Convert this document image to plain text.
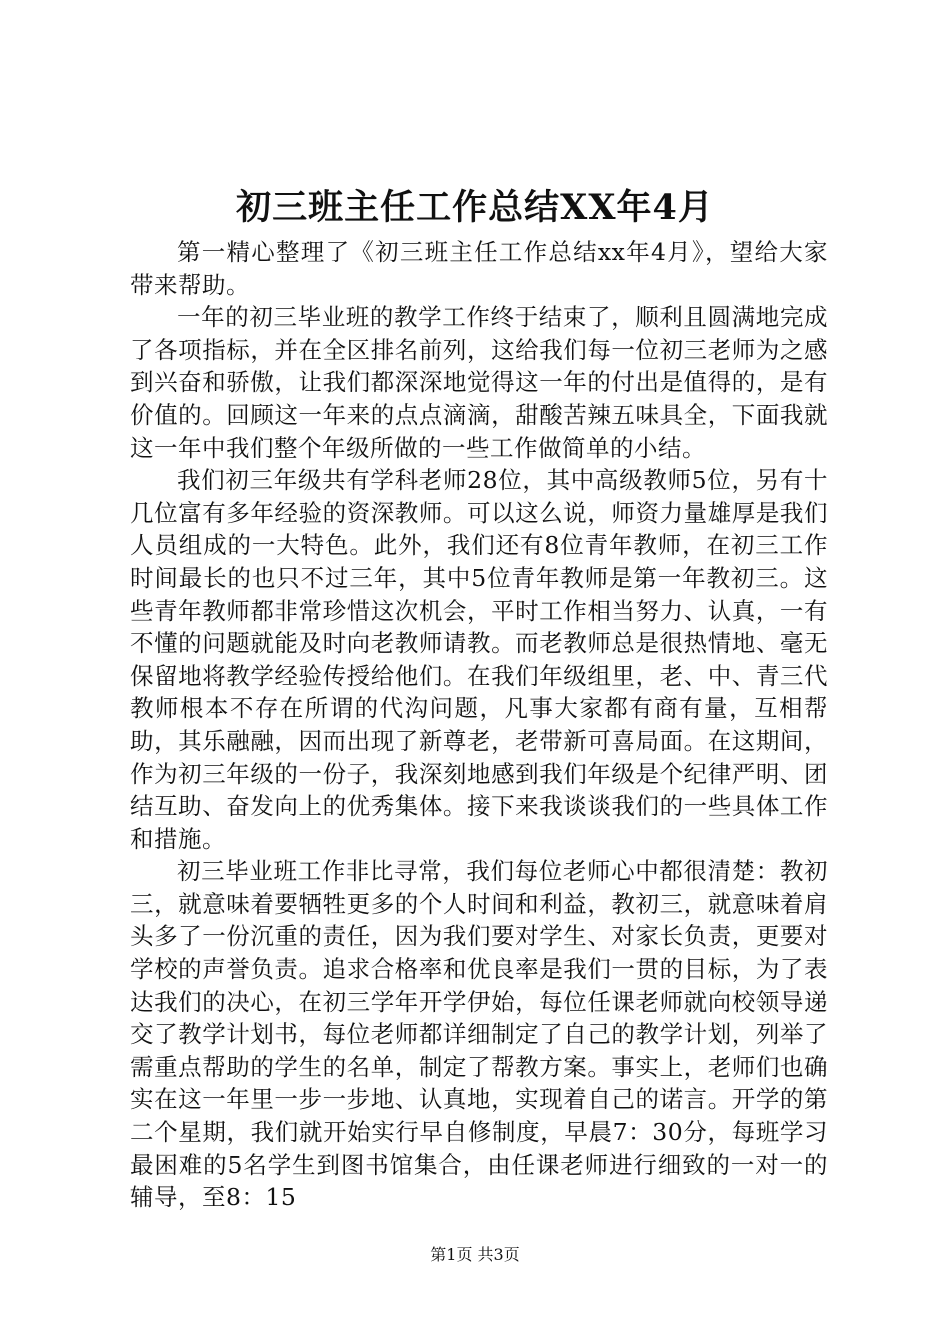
初三班主任工作总结XX年4月

第一精心整理了《初三班主任工作总结xx年4月》，望给大家带来帮助。

一年的初三毕业班的教学工作终于结束了，顺利且圆满地完成了各项指标，并在全区排名前列，这给我们每一位初三老师为之感到兴奋和骄傲，让我们都深深地觉得这一年的付出是值得的，是有价值的。回顾这一年来的点点滴滴，甜酸苦辣五味具全，下面我就这一年中我们整个年级所做的一些工作做简单的小结。

我们初三年级共有学科老师28位，其中高级教师5位，另有十几位富有多年经验的资深教师。可以这么说，师资力量雄厚是我们人员组成的一大特色。此外，我们还有8位青年教师，在初三工作时间最长的也只不过三年，其中5位青年教师是第一年教初三。这些青年教师都非常珍惜这次机会，平时工作相当努力、认真，一有不懂的问题就能及时向老教师请教。而老教师总是很热情地、毫无保留地将教学经验传授给他们。在我们年级组里，老、中、青三代教师根本不存在所谓的代沟问题，凡事大家都有商有量，互相帮助，其乐融融，因而出现了新尊老，老带新可喜局面。在这期间，作为初三年级的一份子，我深刻地感到我们年级是个纪律严明、团结互助、奋发向上的优秀集体。接下来我谈谈我们的一些具体工作和措施。

初三毕业班工作非比寻常，我们每位老师心中都很清楚：教初三，就意味着要牺牲更多的个人时间和利益，教初三，就意味着肩头多了一份沉重的责任，因为我们要对学生、对家长负责，更要对学校的声誉负责。追求合格率和优良率是我们一贯的目标，为了表达我们的决心，在初三学年开学伊始，每位任课老师就向校领导递交了教学计划书，每位老师都详细制定了自己的教学计划，列举了需重点帮助的学生的名单，制定了帮教方案。事实上，老师们也确实在这一年里一步一步地、认真地，实现着自己的诺言。开学的第二个星期，我们就开始实行早自修制度，早晨7：30分，每班学习最困难的5名学生到图书馆集合，由任课老师进行细致的一对一的辅导，至8：15

第1页 共3页
